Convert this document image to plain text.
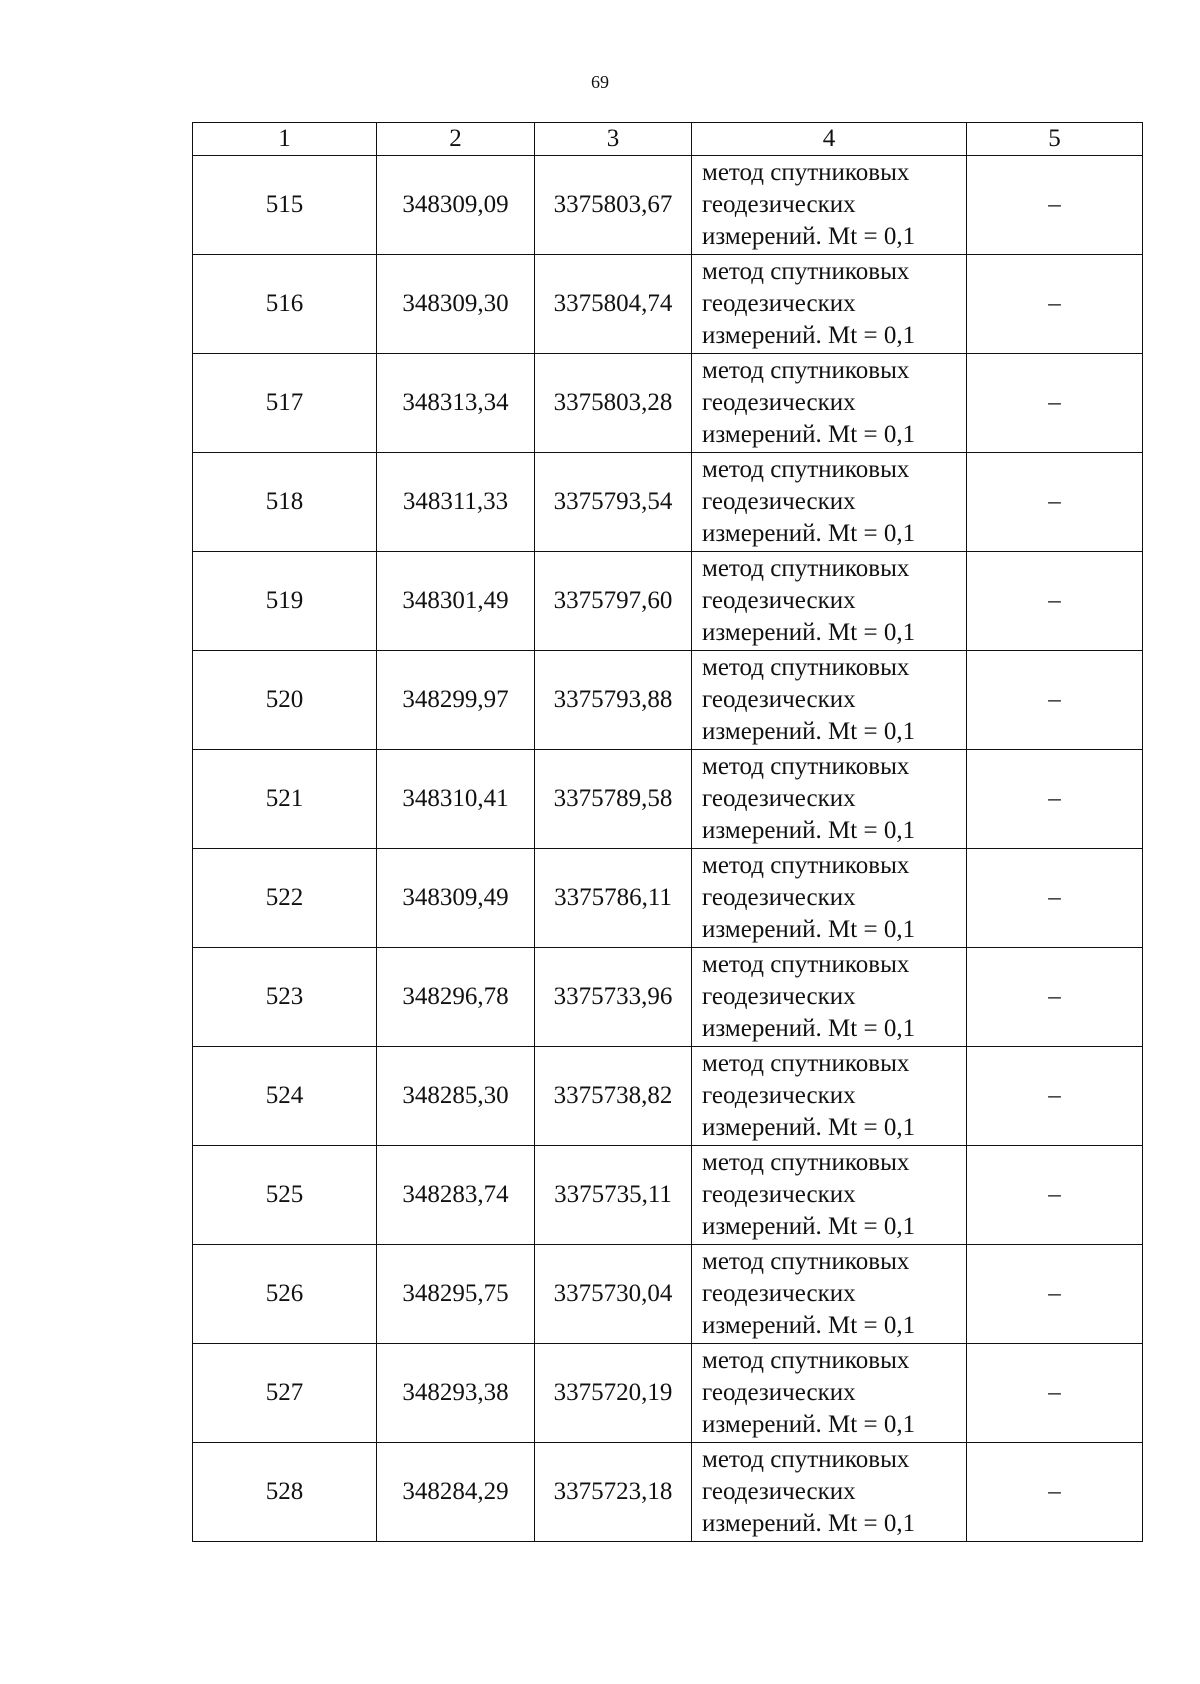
69
1	2	3	4	5
515	348309,09	3375803,67	метод спутниковых
геодезических
измерений. Mt = 0,1	–
516	348309,30	3375804,74	метод спутниковых
геодезических
измерений. Mt = 0,1	–
517	348313,34	3375803,28	метод спутниковых
геодезических
измерений. Mt = 0,1	–
518	348311,33	3375793,54	метод спутниковых
геодезических
измерений. Mt = 0,1	–
519	348301,49	3375797,60	метод спутниковых
геодезических
измерений. Mt = 0,1	–
520	348299,97	3375793,88	метод спутниковых
геодезических
измерений. Mt = 0,1	–
521	348310,41	3375789,58	метод спутниковых
геодезических
измерений. Mt = 0,1	–
522	348309,49	3375786,11	метод спутниковых
геодезических
измерений. Mt = 0,1	–
523	348296,78	3375733,96	метод спутниковых
геодезических
измерений. Mt = 0,1	–
524	348285,30	3375738,82	метод спутниковых
геодезических
измерений. Mt = 0,1	–
525	348283,74	3375735,11	метод спутниковых
геодезических
измерений. Mt = 0,1	–
526	348295,75	3375730,04	метод спутниковых
геодезических
измерений. Mt = 0,1	–
527	348293,38	3375720,19	метод спутниковых
геодезических
измерений. Mt = 0,1	–
528	348284,29	3375723,18	метод спутниковых
геодезических
измерений. Mt = 0,1	–
